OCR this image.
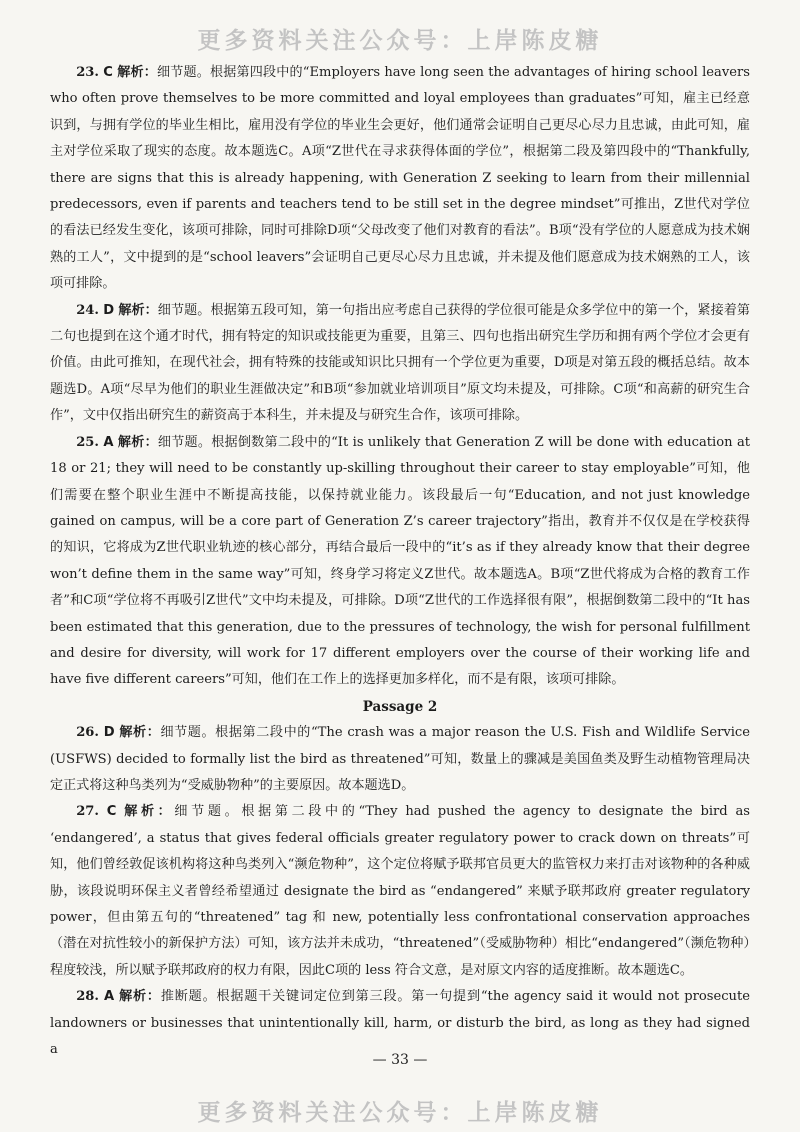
更多资料关注公众号：上岸陈皮糖

23. C 解析：细节题。根据第四段中的“Employers have long seen the advantages of hiring school leavers who often prove themselves to be more committed and loyal employees than graduates”可知，雇主已经意识到，与拥有学位的毕业生相比，雇用没有学位的毕业生会更好，他们通常会证明自己更尽心尽力且忠诚，由此可知，雇主对学位采取了现实的态度。故本题选C。A项“Z世代在寻求获得体面的学位”，根据第二段及第四段中的“Thankfully, there are signs that this is already happening, with Generation Z seeking to learn from their millennial predecessors, even if parents and teachers tend to be still set in the degree mindset”可推出，Z世代对学位的看法已经发生变化，该项可排除，同时可排除D项“父母改变了他们对教育的看法”。B项“没有学位的人愿意成为技术娴熟的工人”，文中提到的是“school leavers”会证明自己更尽心尽力且忠诚，并未提及他们愿意成为技术娴熟的工人，该项可排除。

24. D 解析：细节题。根据第五段可知，第一句指出应考虑自己获得的学位很可能是众多学位中的第一个，紧接着第二句也提到在这个通才时代，拥有特定的知识或技能更为重要，且第三、四句也指出研究生学历和拥有两个学位才会更有价值。由此可推知，在现代社会，拥有特殊的技能或知识比只拥有一个学位更为重要，D项是对第五段的概括总结。故本题选D。A项“尽早为他们的职业生涯做决定”和B项“参加就业培训项目”原文均未提及，可排除。C项“和高薪的研究生合作”，文中仅指出研究生的薪资高于本科生，并未提及与研究生合作，该项可排除。

25. A 解析：细节题。根据倒数第二段中的“It is unlikely that Generation Z will be done with education at 18 or 21; they will need to be constantly up-skilling throughout their career to stay employable”可知，他们需要在整个职业生涯中不断提高技能，以保持就业能力。该段最后一句“Education, and not just knowledge gained on campus, will be a core part of Generation Z’s career trajectory”指出，教育并不仅仅是在学校获得的知识，它将成为Z世代职业轨迹的核心部分，再结合最后一段中的“it’s as if they already know that their degree won’t define them in the same way”可知，终身学习将定义Z世代。故本题选A。B项“Z世代将成为合格的教育工作者”和C项“学位将不再吸引Z世代”文中均未提及，可排除。D项“Z世代的工作选择很有限”，根据倒数第二段中的“It has been estimated that this generation, due to the pressures of technology, the wish for personal fulfillment and desire for diversity, will work for 17 different employers over the course of their working life and have five different careers”可知，他们在工作上的选择更加多样化，而不是有限，该项可排除。

Passage 2

26. D 解析：细节题。根据第二段中的“The crash was a major reason the U.S. Fish and Wildlife Service (USFWS) decided to formally list the bird as threatened”可知，数量上的骤减是美国鱼类及野生动植物管理局决定正式将这种鸟类列为“受威胁物种”的主要原因。故本题选D。

27. C 解析：细节题。根据第二段中的“They had pushed the agency to designate the bird as ‘endangered’, a status that gives federal officials greater regulatory power to crack down on threats”可知，他们曾经敦促该机构将这种鸟类列入“濒危物种”，这个定位将赋予联邦官员更大的监管权力来打击对该物种的各种威胁，该段说明环保主义者曾经希望通过 designate the bird as “endangered” 来赋予联邦政府 greater regulatory power，但由第五句的“threatened” tag 和 new, potentially less confrontational conservation approaches（潜在对抗性较小的新保护方法）可知，该方法并未成功，“threatened”（受威胁物种）相比“endangered”（濒危物种）程度较浅，所以赋予联邦政府的权力有限，因此C项的 less 符合文意，是对原文内容的适度推断。故本题选C。

28. A 解析：推断题。根据题干关键词定位到第三段。第一句提到“the agency said it would not prosecute landowners or businesses that unintentionally kill, harm, or disturb the bird, as long as they had signed a

— 33 —
更多资料关注公众号：上岸陈皮糖
